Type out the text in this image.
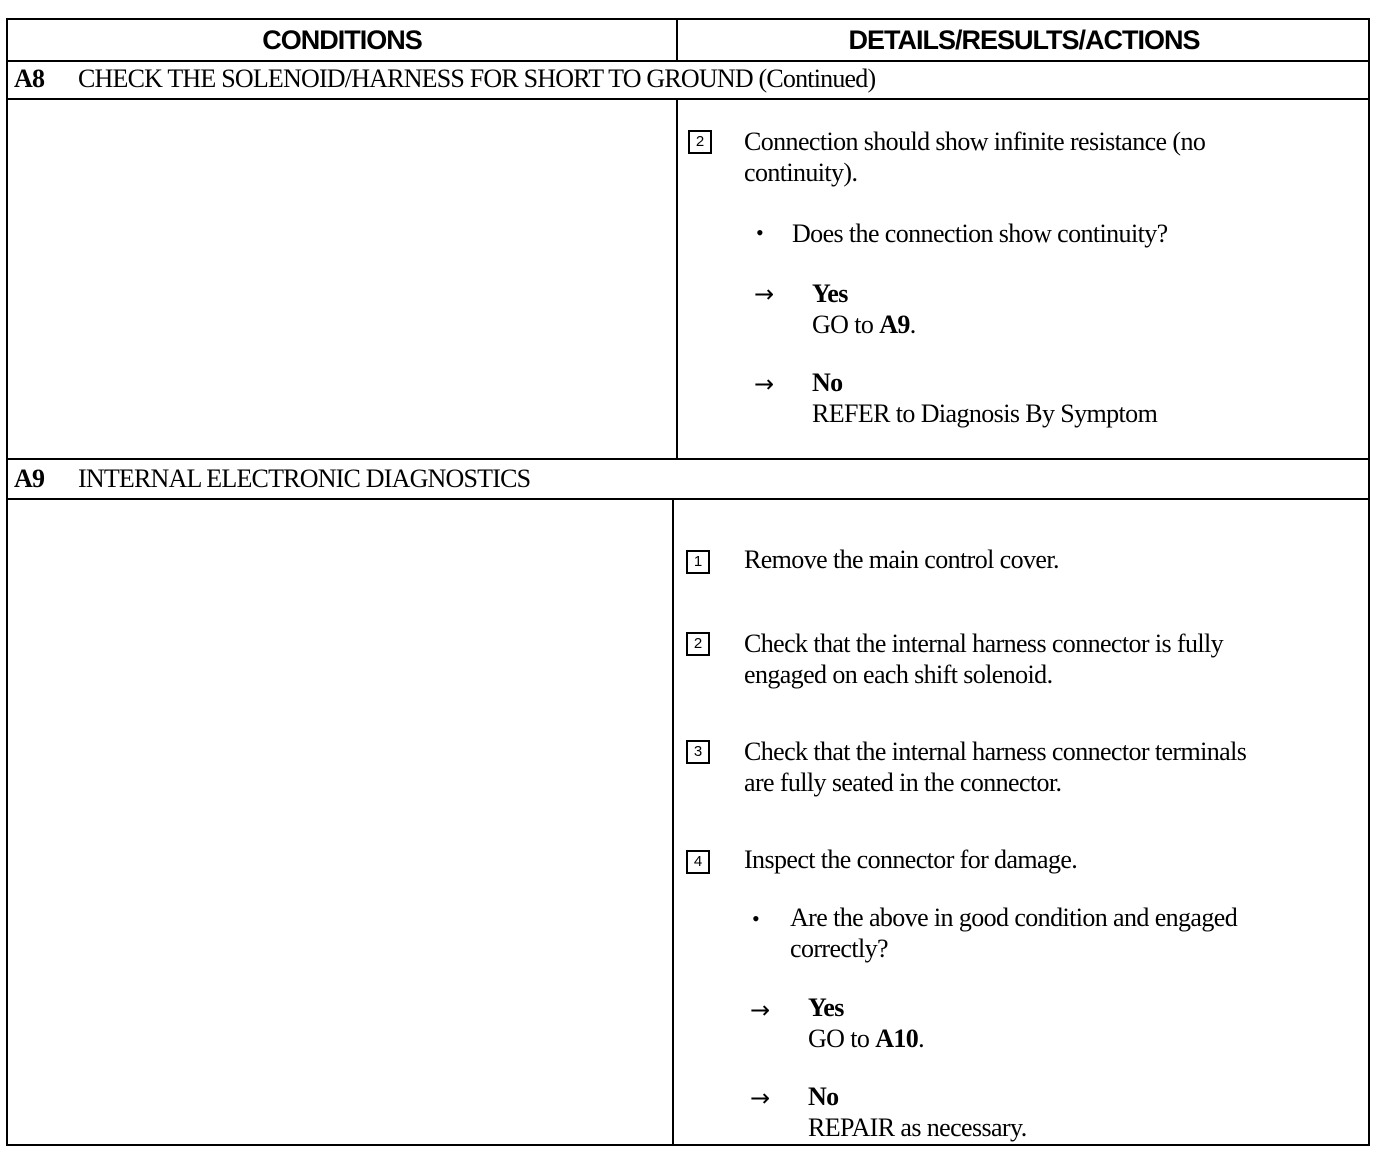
CONDITIONS	DETAILS/RESULTS/ACTIONS
A8 CHECK THE SOLENOID/HARNESS FOR SHORT TO GROUND (Continued)
2	Connection should show infinite resistance (no
continuity).
• Does the connection show continuity?
→ Yes
GO to A9.
→ No
REFER to Diagnosis By Symptom
A9 INTERNAL ELECTRONIC DIAGNOSTICS
1	Remove the main control cover.
2	Check that the internal harness connector is fully
engaged on each shift solenoid.
3	Check that the internal harness connector terminals
are fully seated in the connector.
4	Inspect the connector for damage.
• Are the above in good condition and engaged
correctly?
→ Yes
GO to A10.
→ No
REPAIR as necessary.
